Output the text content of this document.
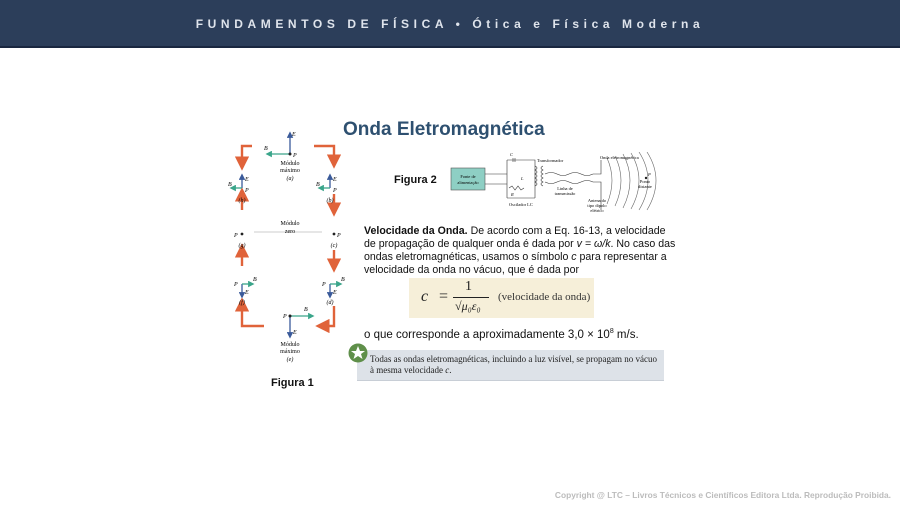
FUNDAMENTOS DE FÍSICA • Ótica e Física Moderna
Onda Eletromagnética
E
B
P
Módulo
máximo
(a)
E
B
P
(h)
E
B
P
(b)
P	P
Módulo
zero
(g)	(c)
B
E
P
(f)
B
E
P
(d)
B
E
P
Módulo
máximo
(e)
Figura 1
Figura 2	Fonte de
alimentação
C
L
R
Oscilador LC
Transformador
Linha de
transmissão
Antena do
tipo dipolo
elétrico
Onda eletromagnética
P
Ponto
distante
Velocidade da Onda. De acordo com a Eq. 16-13, a velocidade de propagação de qualquer onda é dada por v = ω/k. No caso das ondas eletromagnéticas, usamos o símbolo c para representar a velocidade da onda no vácuo, que é dada por
c =
1
√μ₀ε₀
(velocidade da onda)
o que corresponde a aproximadamente $3,0 \times 10^8$ m/s.
Todas as ondas eletromagnéticas, incluindo a luz visível, se propagam no vácuo à mesma velocidade c.
Copyright @ LTC – Livros Técnicos e Científicos Editora Ltda. Reprodução Proibida.
